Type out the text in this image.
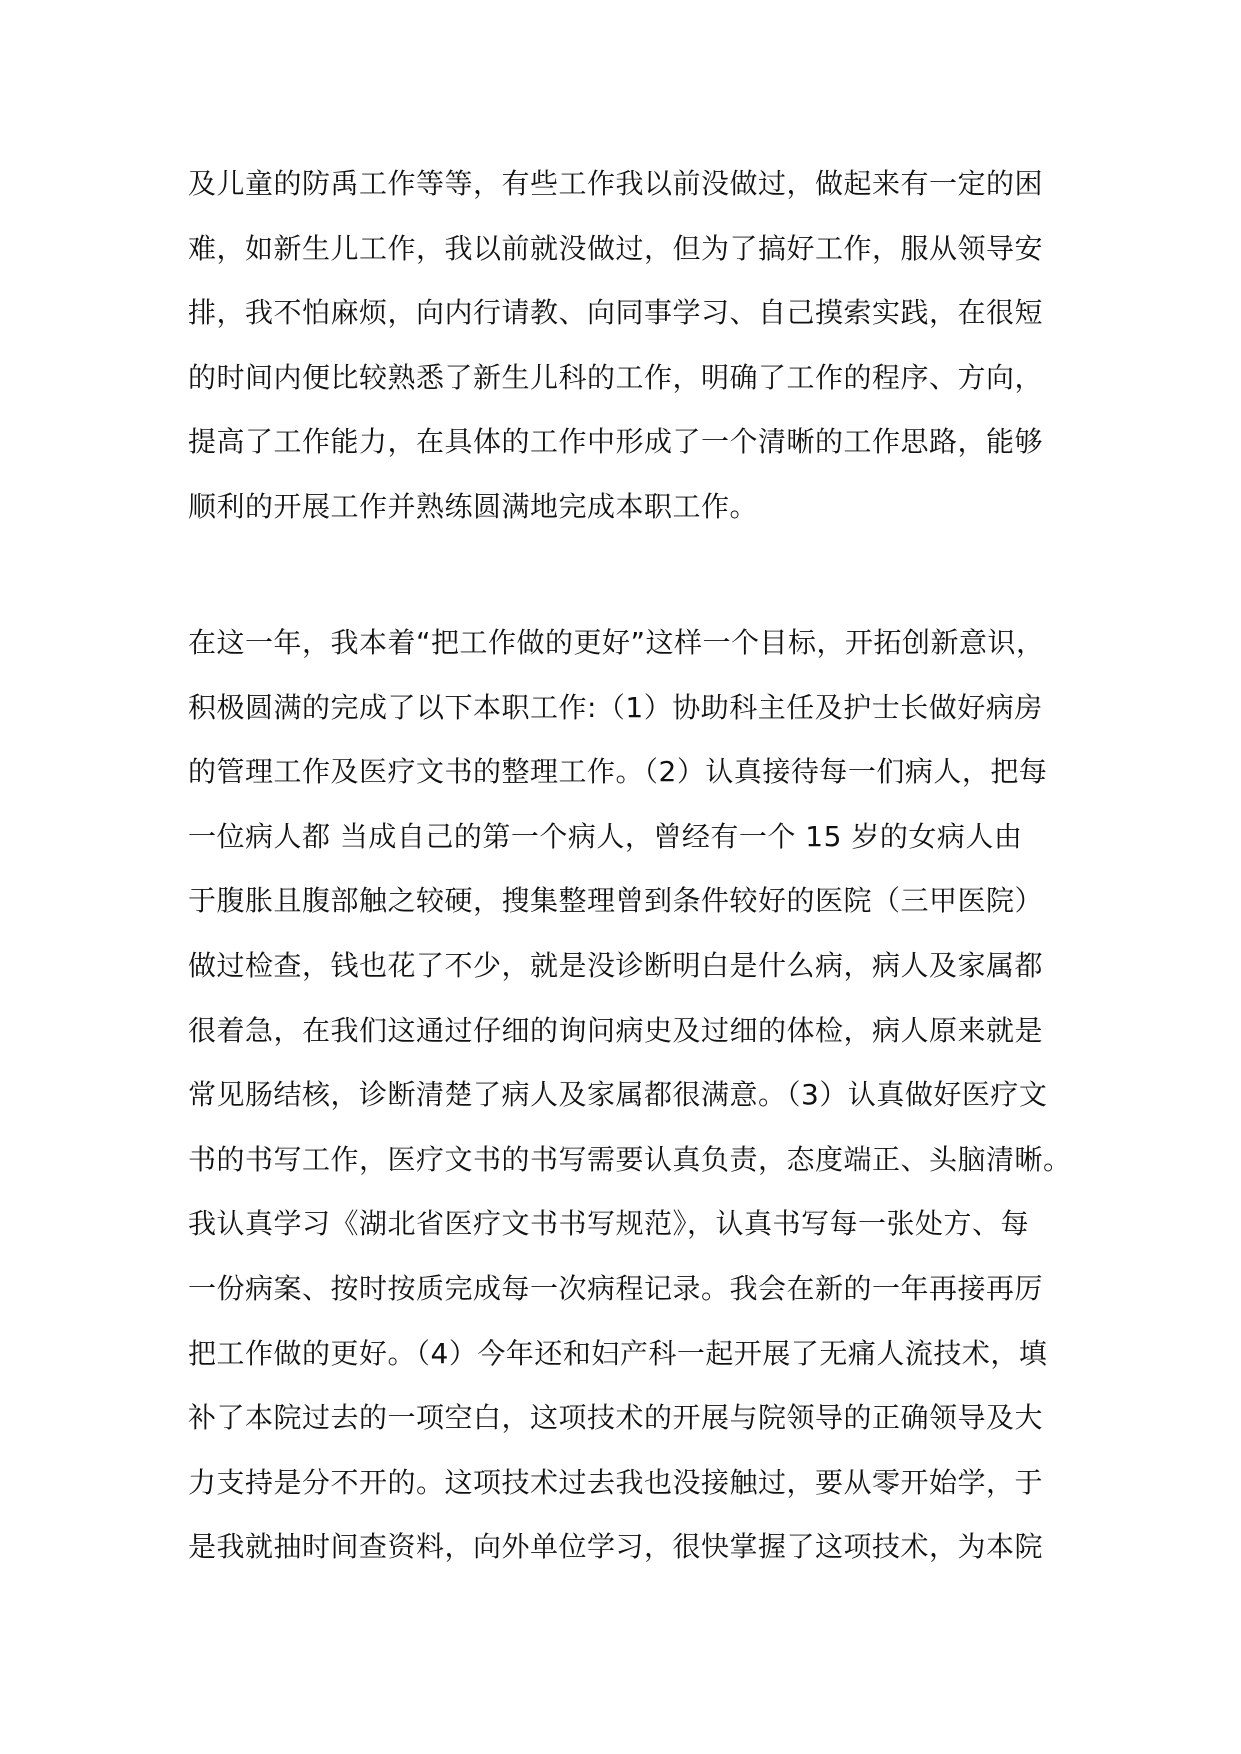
及儿童的防禹工作等等，有些工作我以前没做过，做起来有一定的困
难，如新生儿工作，我以前就没做过，但为了搞好工作，服从领导安
排，我不怕麻烦，向内行请教、向同事学习、自己摸索实践，在很短
的时间内便比较熟悉了新生儿科的工作，明确了工作的程序、方向，
提高了工作能力，在具体的工作中形成了一个清晰的工作思路，能够
顺利的开展工作并熟练圆满地完成本职工作。
在这一年，我本着“把工作做的更好”这样一个目标，开拓创新意识，
积极圆满的完成了以下本职工作:（1）协助科主任及护士长做好病房
的管理工作及医疗文书的整理工作。（2）认真接待每一们病人，把每
一位病人都 当成自己的第一个病人，曾经有一个 15 岁的女病人由
于腹胀且腹部触之较硬，搜集整理曾到条件较好的医院（三甲医院）
做过检查，钱也花了不少，就是没诊断明白是什么病，病人及家属都
很着急，在我们这通过仔细的询问病史及过细的体检，病人原来就是
常见肠结核，诊断清楚了病人及家属都很满意。（3）认真做好医疗文
书的书写工作，医疗文书的书写需要认真负责，态度端正、头脑清晰。
我认真学习《湖北省医疗文书书写规范》，认真书写每一张处方、每
一份病案、按时按质完成每一次病程记录。我会在新的一年再接再厉
把工作做的更好。（4）今年还和妇产科一起开展了无痛人流技术，填
补了本院过去的一项空白，这项技术的开展与院领导的正确领导及大
力支持是分不开的。这项技术过去我也没接触过，要从零开始学，于
是我就抽时间查资料，向外单位学习，很快掌握了这项技术，为本院
